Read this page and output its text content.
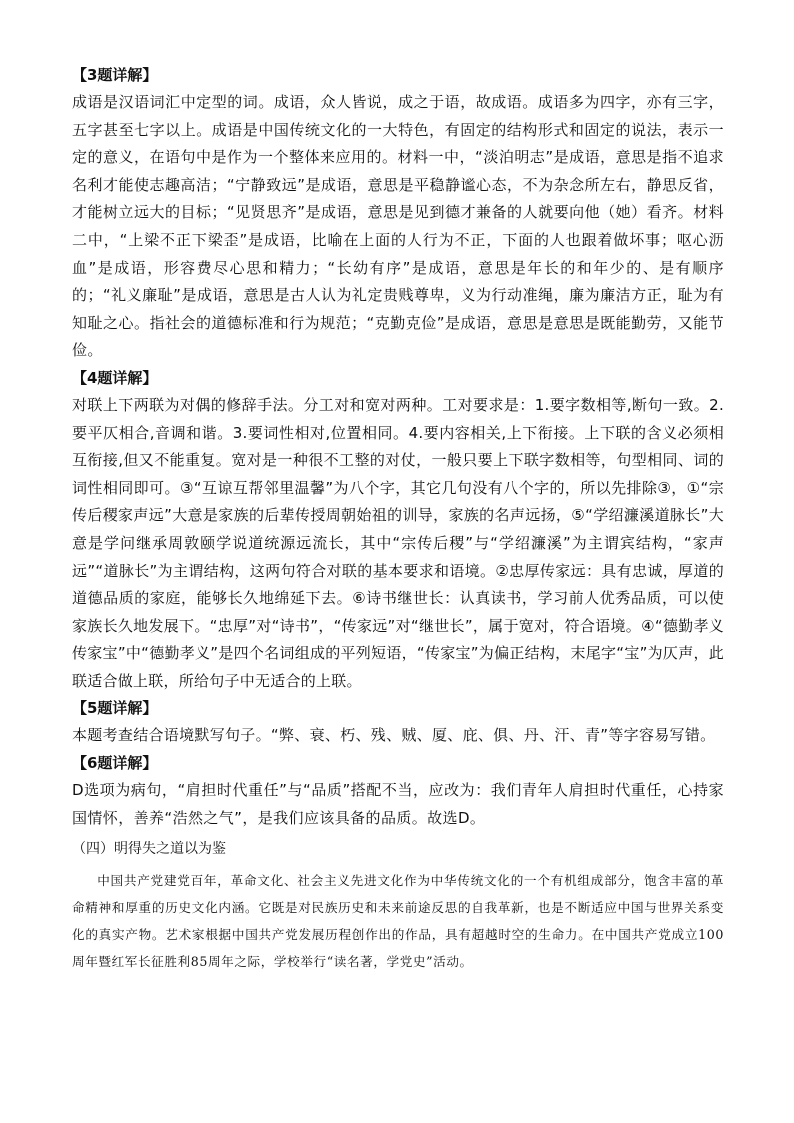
【3题详解】

成语是汉语词汇中定型的词。成语，众人皆说，成之于语，故成语。成语多为四字，亦有三字，五字甚至七字以上。成语是中国传统文化的一大特色，有固定的结构形式和固定的说法，表示一定的意义，在语句中是作为一个整体来应用的。材料一中，“淡泊明志”是成语，意思是指不追求名利才能使志趣高洁；“宁静致远”是成语，意思是平稳静谧心态，不为杂念所左右，静思反省，才能树立远大的目标；“见贤思齐”是成语，意思是见到德才兼备的人就要向他（她）看齐。材料二中，“上梁不正下梁歪”是成语，比喻在上面的人行为不正，下面的人也跟着做坏事；呕心沥血”是成语，形容费尽心思和精力；“长幼有序”是成语，意思是年长的和年少的、是有顺序的；“礼义廉耻”是成语，意思是古人认为礼定贵贱尊卑，义为行动准绳，廉为廉洁方正，耻为有知耻之心。指社会的道德标准和行为规范；“克勤克俭”是成语，意思是意思是既能勤劳，又能节俭。

【4题详解】

对联上下两联为对偶的修辞手法。分工对和宽对两种。工对要求是：1.要字数相等,断句一致。2.要平仄相合,音调和谐。3.要词性相对,位置相同。4.要内容相关,上下衔接。上下联的含义必须相互衔接,但又不能重复。宽对是一种很不工整的对仗，一般只要上下联字数相等，句型相同、词的词性相同即可。③“互谅互帮邻里温馨”为八个字，其它几句没有八个字的，所以先排除③，①“宗传后稷家声远”大意是家族的后辈传授周朝始祖的训导，家族的名声远扬，⑤“学绍濂溪道脉长”大意是学问继承周敦颐学说道统源远流长，其中“宗传后稷”与“学绍濂溪”为主谓宾结构，“家声远”“道脉长”为主谓结构，这两句符合对联的基本要求和语境。②忠厚传家远：具有忠诚，厚道的道德品质的家庭，能够长久地绵延下去。⑥诗书继世长：认真读书，学习前人优秀品质，可以使家族长久地发展下。“忠厚”对“诗书”，“传家远”对“继世长”，属于宽对，符合语境。④“德勤孝义传家宝”中“德勤孝义”是四个名词组成的平列短语，“传家宝”为偏正结构，末尾字“宝”为仄声，此联适合做上联，所给句子中无适合的上联。

【5题详解】

本题考查结合语境默写句子。“弊、衰、朽、残、贼、厦、庇、俱、丹、汗、青”等字容易写错。

【6题详解】

D选项为病句，“肩担时代重任”与“品质”搭配不当，应改为：我们青年人肩担时代重任，心持家国情怀，善养“浩然之气”，是我们应该具备的品质。故选D。

（四）明得失之道以为鉴

中国共产党建党百年，革命文化、社会主义先进文化作为中华传统文化的一个有机组成部分，饱含丰富的革命精神和厚重的历史文化内涵。它既是对民族历史和未来前途反思的自我革新，也是不断适应中国与世界关系变化的真实产物。艺术家根据中国共产党发展历程创作出的作品，具有超越时空的生命力。在中国共产党成立100周年暨红军长征胜利85周年之际，学校举行“读名著，学党史”活动。
